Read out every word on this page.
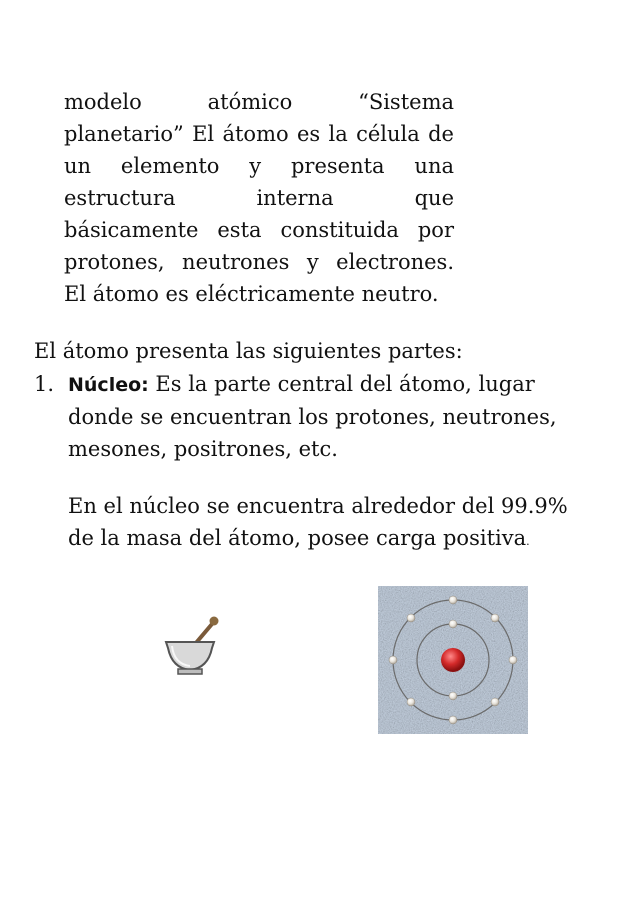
modelo atómico “Sistema
planetario” El átomo es la célula de
un elemento y presenta una
estructura interna que
básicamente esta constituida por
protones, neutrones y electrones.
El átomo es eléctricamente neutro.

El átomo presenta las siguientes partes:

1. Núcleo: Es la parte central del átomo, lugar
donde se encuentran los protones, neutrones,
mesones, positrones, etc.
En el núcleo se encuentra alrededor del 99.9%
de la masa del átomo, posee carga positiva.
